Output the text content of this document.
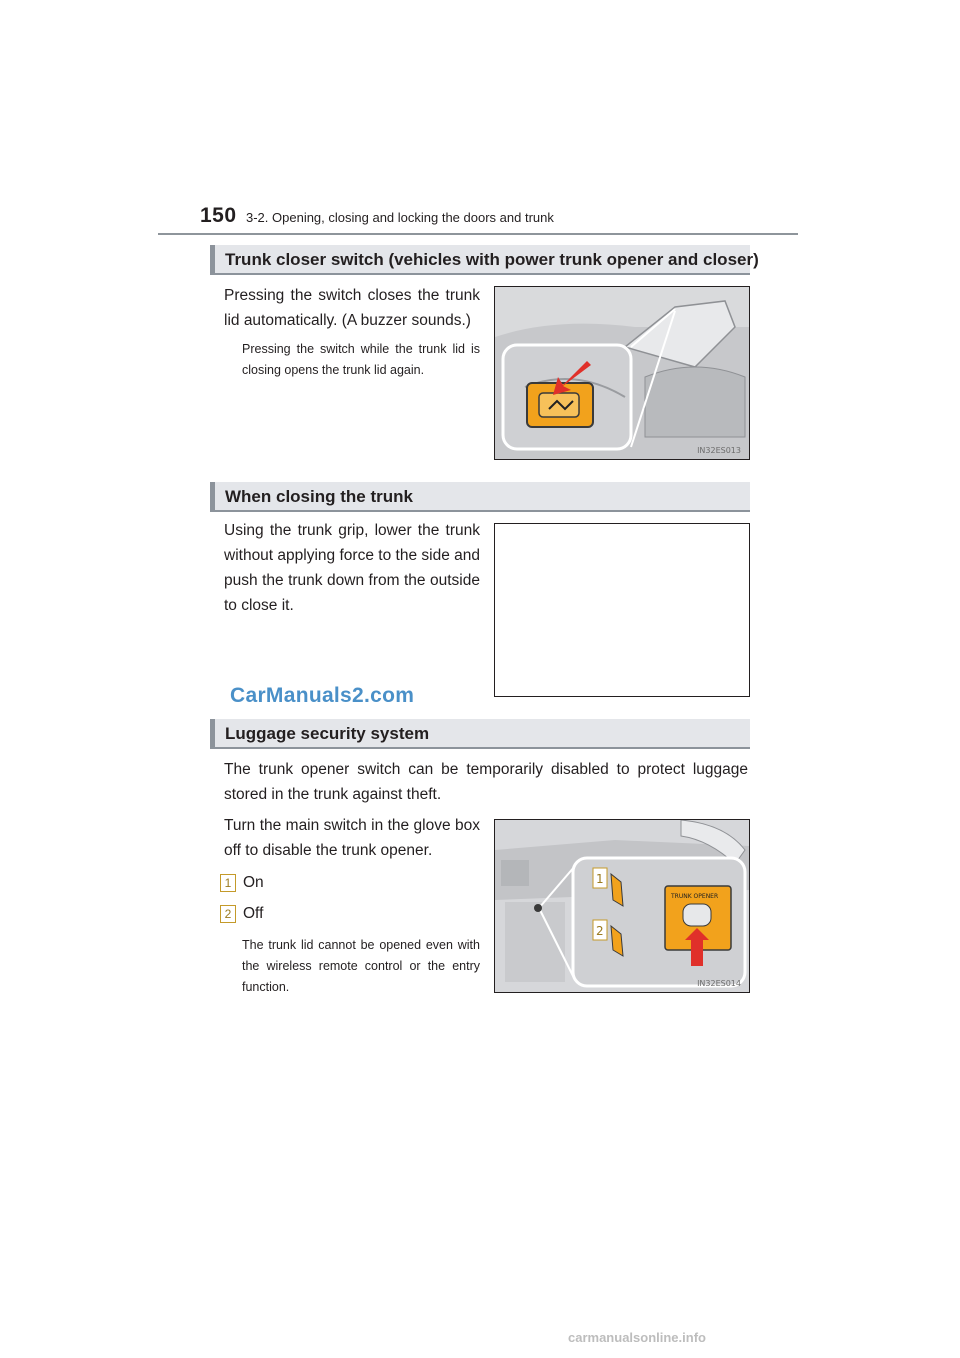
150 3-2. Opening, closing and locking the doors and trunk
Trunk closer switch (vehicles with power trunk opener and closer)
Pressing the switch closes the trunk lid automatically. (A buzzer sounds.)
Pressing the switch while the trunk lid is closing opens the trunk lid again.
IN32ES013
When closing the trunk
Using the trunk grip, lower the trunk without applying force to the side and push the trunk down from the outside to close it.
CarManuals2.com
Luggage security system
The trunk opener switch can be temporarily disabled to protect luggage stored in the trunk against theft.
Turn the main switch in the glove box off to disable the trunk opener.
1 On
2 Off
The trunk lid cannot be opened even with the wireless remote control or the entry function.
1
2
TRUNK OPENER
IN32ES014
carmanualsonline.info
